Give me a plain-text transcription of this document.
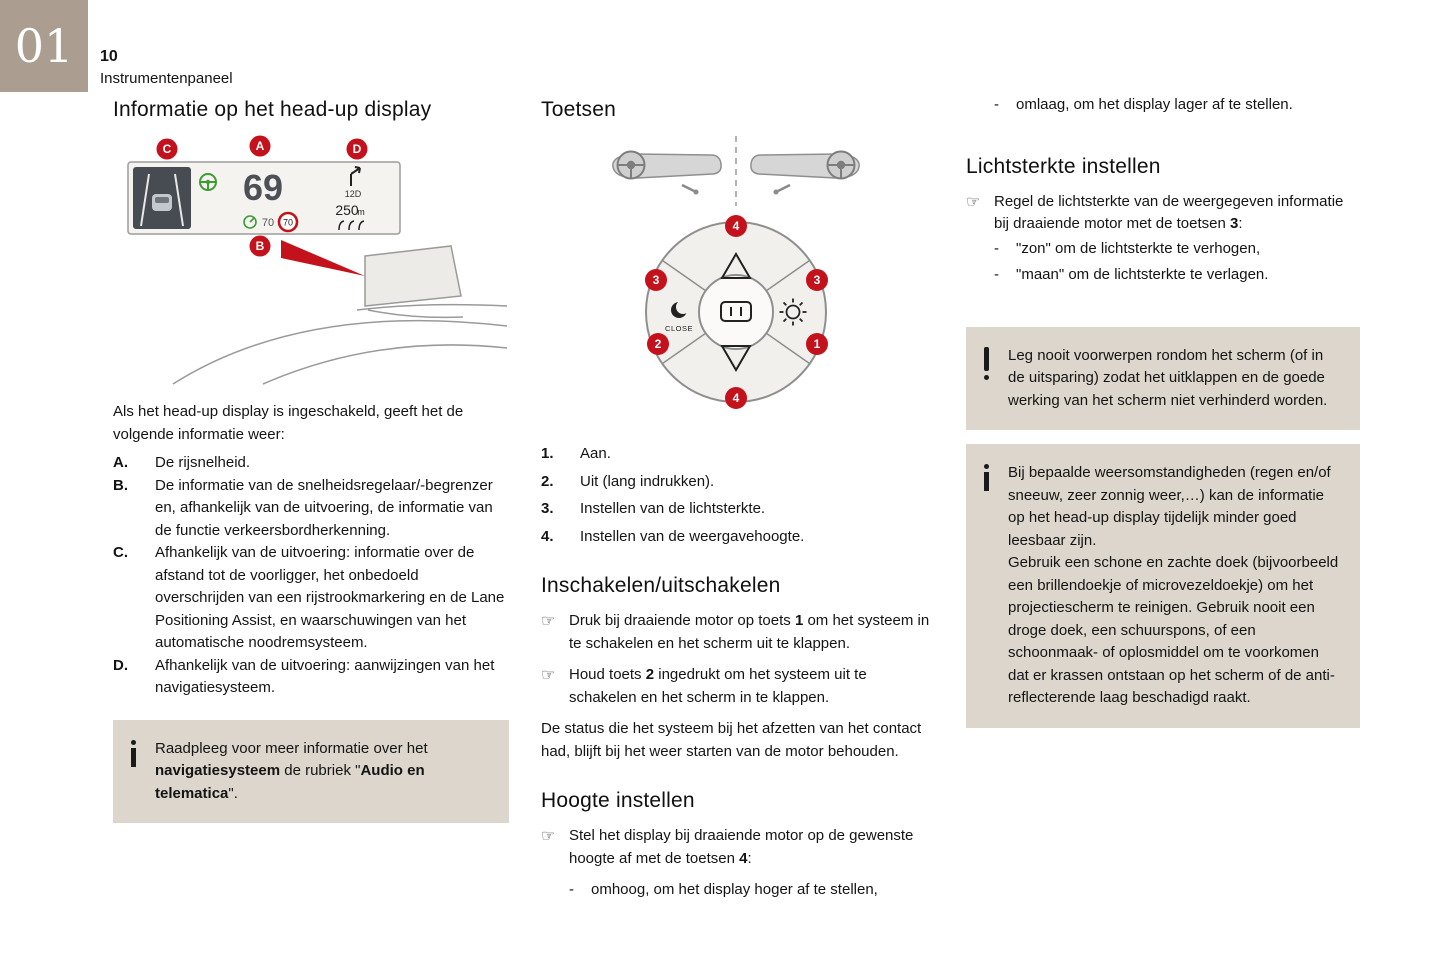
01 10
Instrumentenpaneel
Informatie op het head-up display
69	12D
250
m
70 70
C	A	D
B

Als het head-up display is ingeschakeld, geeft het de volgende informatie weer:

A.	De rijsnelheid.
B.	De informatie van de snelheidsregelaar/-begrenzer en, afhankelijk van de uitvoering, de informatie van de functie verkeersbordherkenning.
C.	Afhankelijk van de uitvoering: informatie over de afstand tot de voorligger, het onbedoeld overschrijden van een rijstrookmarkering en de Lane Positioning Assist, en waarschuwingen van het automatische noodremsysteem.
D.	Afhankelijk van de uitvoering: aanwijzingen van het navigatiesysteem.

Raadpleeg voor meer informatie over het navigatiesysteem de rubriek "Audio en telematica".

Toetsen
CLOSE
4
3	3
2	1
4
1.	Aan.
2.	Uit (lang indrukken).
3.	Instellen van de lichtsterkte.
4.	Instellen van de weergavehoogte.
Inschakelen/uitschakelen
☞ Druk bij draaiende motor op toets 1 om het systeem in te schakelen en het scherm uit te klappen.
☞ Houd toets 2 ingedrukt om het systeem uit te schakelen en het scherm in te klappen.

De status die het systeem bij het afzetten van het contact had, blijft bij het weer starten van de motor behouden.

Hoogte instellen
☞ Stel het display bij draaiende motor op de gewenste hoogte af met de toetsen 4:
-	omhoog, om het display hoger af te stellen,
-	omlaag, om het display lager af te stellen.
Lichtsterkte instellen
☞ Regel de lichtsterkte van de weergegeven informatie bij draaiende motor met de toetsen 3:
-	"zon" om de lichtsterkte te verhogen,
-	"maan" om de lichtsterkte te verlagen.

Leg nooit voorwerpen rondom het scherm (of in de uitsparing) zodat het uitklappen en de goede werking van het scherm niet verhinderd worden.

Bij bepaalde weersomstandigheden (regen en/of sneeuw, zeer zonnig weer,…) kan de informatie op het head-up display tijdelijk minder goed leesbaar zijn.

Gebruik een schone en zachte doek (bijvoorbeeld een brillendoekje of microvezeldoekje) om het projectiescherm te reinigen. Gebruik nooit een droge doek, een schuurspons, of een schoonmaak- of oplosmiddel om te voorkomen dat er krassen ontstaan op het scherm of de anti-reflecterende laag beschadigd raakt.
